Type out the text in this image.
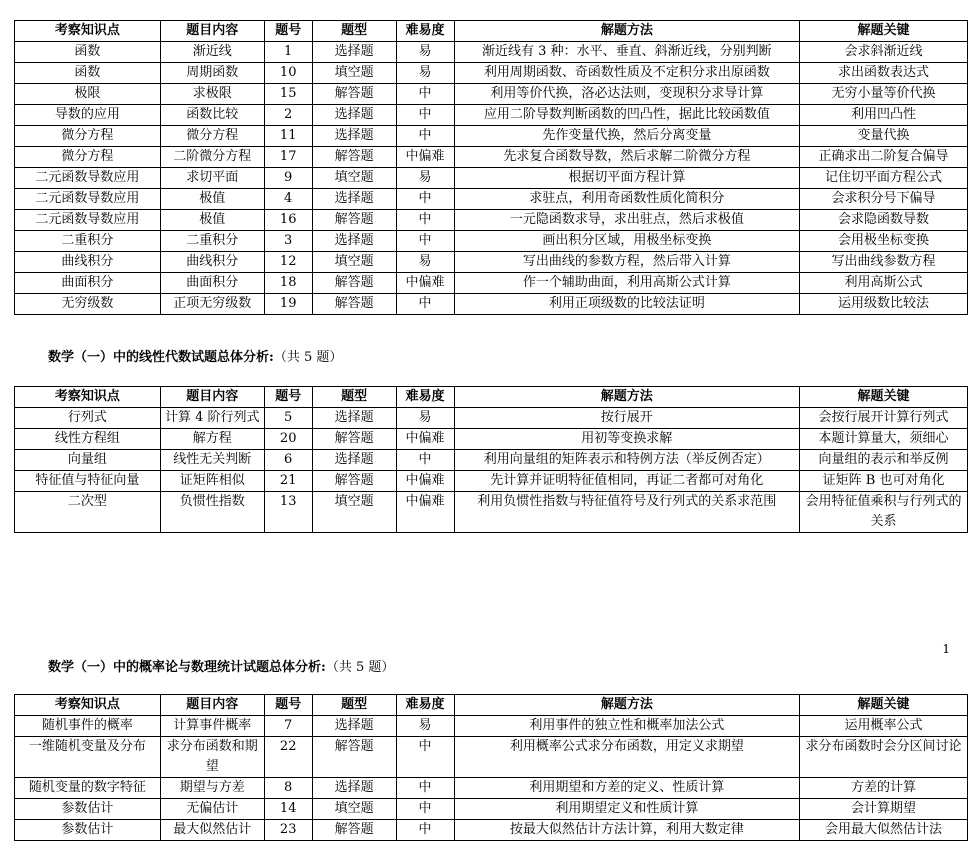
考察知识点	题目内容	题号	题型	难易度	解题方法	解题关键
函数	渐近线	1	选择题	易	渐近线有 3 种：水平、垂直、斜渐近线，分别判断	会求斜渐近线
函数	周期函数	10	填空题	易	利用周期函数、奇函数性质及不定积分求出原函数	求出函数表达式
极限	求极限	15	解答题	中	利用等价代换，洛必达法则，变现积分求导计算	无穷小量等价代换
导数的应用	函数比较	2	选择题	中	应用二阶导数判断函数的凹凸性，据此比较函数值	利用凹凸性
微分方程	微分方程	11	选择题	中	先作变量代换，然后分离变量	变量代换
微分方程	二阶微分方程	17	解答题	中偏难	先求复合函数导数，然后求解二阶微分方程	正确求出二阶复合偏导
二元函数导数应用	求切平面	9	填空题	易	根据切平面方程计算	记住切平面方程公式
二元函数导数应用	极值	4	选择题	中	求驻点，利用奇函数性质化简积分	会求积分号下偏导
二元函数导数应用	极值	16	解答题	中	一元隐函数求导，求出驻点，然后求极值	会求隐函数导数
二重积分	二重积分	3	选择题	中	画出积分区域，用极坐标变换	会用极坐标变换
曲线积分	曲线积分	12	填空题	易	写出曲线的参数方程，然后带入计算	写出曲线参数方程
曲面积分	曲面积分	18	解答题	中偏难	作一个辅助曲面，利用高斯公式计算	利用高斯公式
无穷级数	正项无穷级数	19	解答题	中	利用正项级数的比较法证明	运用级数比较法
数学（一）中的线性代数试题总体分析:（共 5 题）
考察知识点	题目内容	题号	题型	难易度	解题方法	解题关键
行列式	计算 4 阶行列式	5	选择题	易	按行展开	会按行展开计算行列式
线性方程组	解方程	20	解答题	中偏难	用初等变换求解	本题计算量大，须细心
向量组	线性无关判断	6	选择题	中	利用向量组的矩阵表示和特例方法（举反例否定）	向量组的表示和举反例
特征值与特征向量	证矩阵相似	21	解答题	中偏难	先计算并证明特征值相同，再证二者都可对角化	证矩阵 B 也可对角化
二次型	负惯性指数	13	填空题	中偏难	利用负惯性指数与特征值符号及行列式的关系求范围	会用特征值乘积与行列式的关系
1
数学（一）中的概率论与数理统计试题总体分析:（共 5 题）
考察知识点	题目内容	题号	题型	难易度	解题方法	解题关键
随机事件的概率	计算事件概率	7	选择题	易	利用事件的独立性和概率加法公式	运用概率公式
一维随机变量及分布	求分布函数和期望	22	解答题	中	利用概率公式求分布函数，用定义求期望	求分布函数时会分区间讨论
随机变量的数字特征	期望与方差	8	选择题	中	利用期望和方差的定义、性质计算	方差的计算
参数估计	无偏估计	14	填空题	中	利用期望定义和性质计算	会计算期望
参数估计	最大似然估计	23	解答题	中	按最大似然估计方法计算，利用大数定律	会用最大似然估计法
